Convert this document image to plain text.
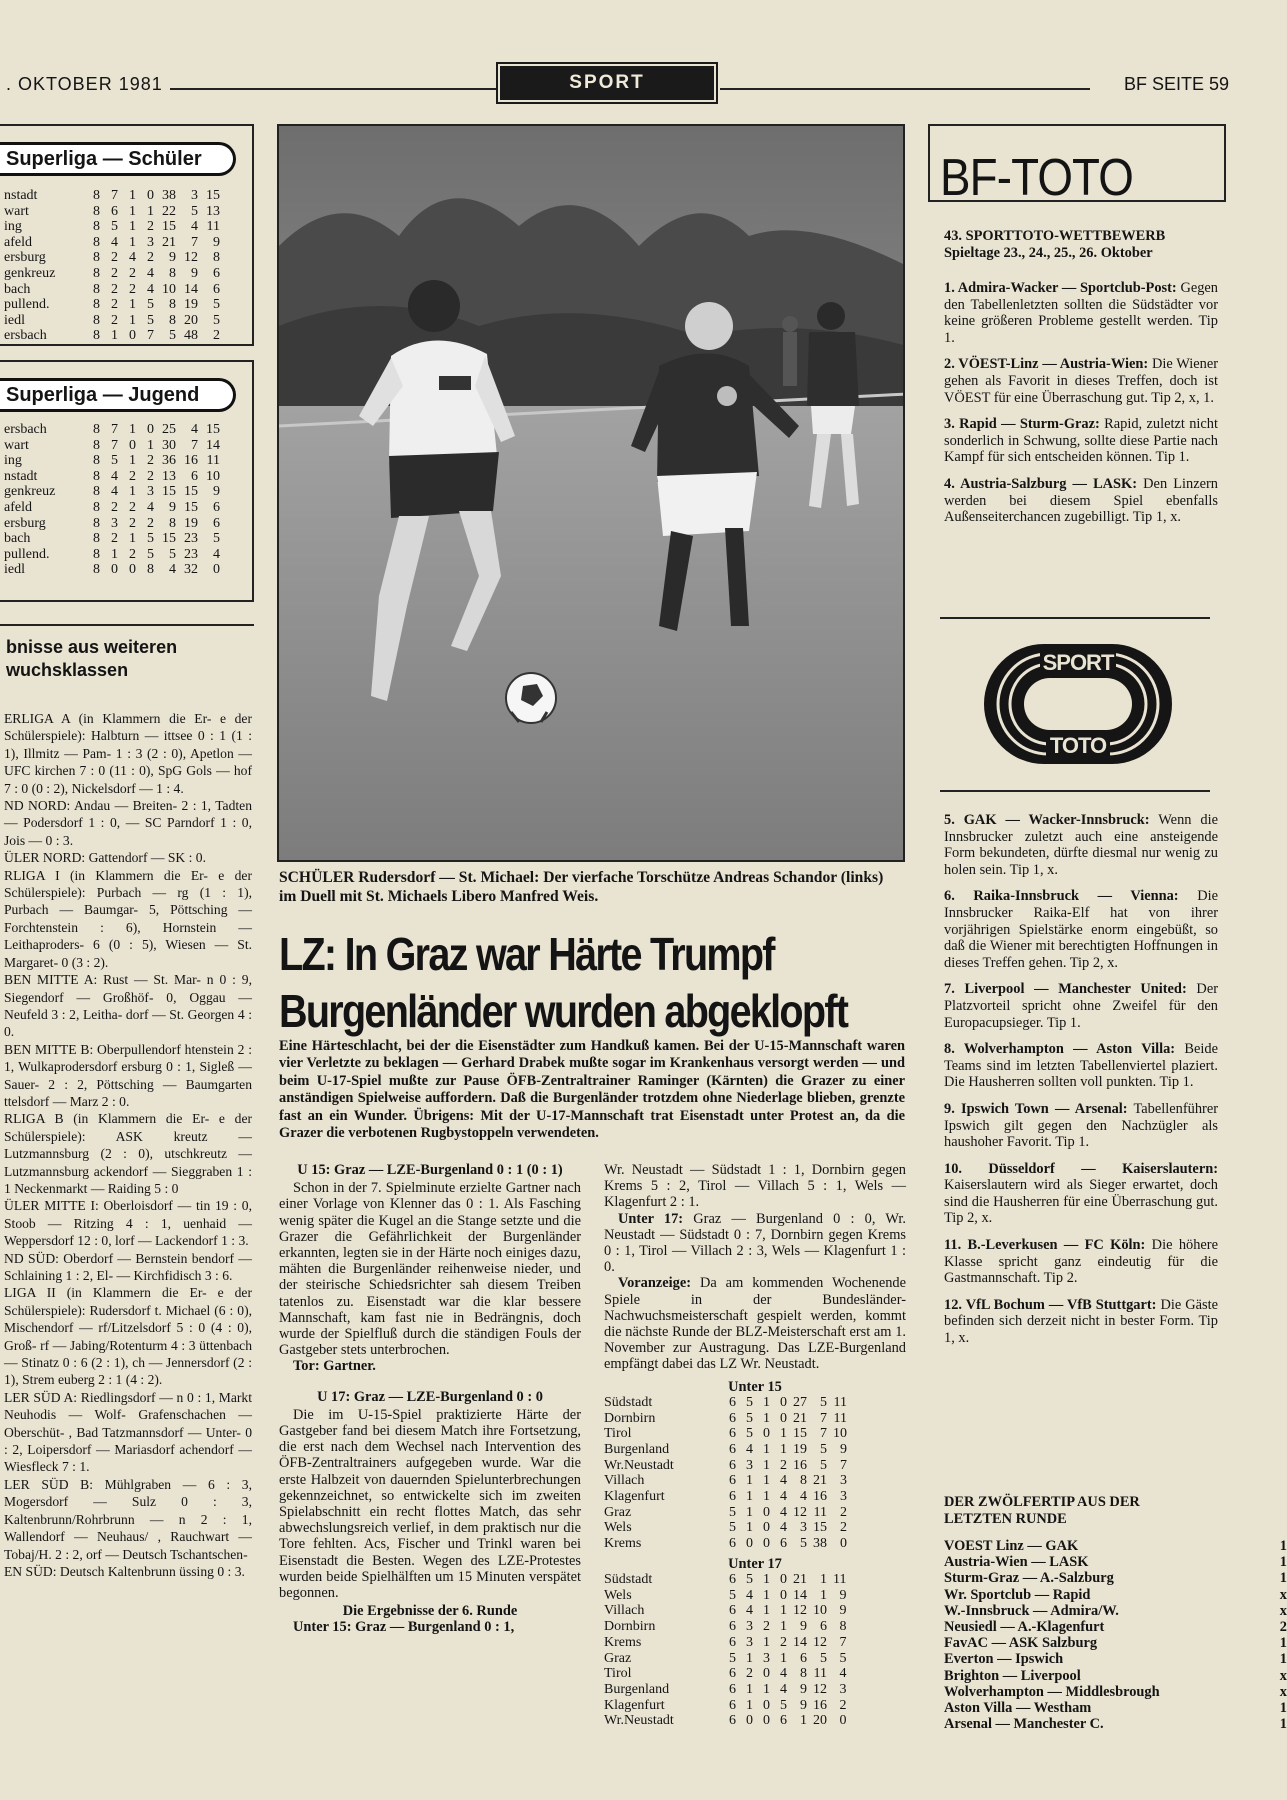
. OKTOBER 1981	SPORT	BF SEITE 59
Superliga — Schüler
nstadt	8	7	1	0	38	3	15
wart	8	6	1	1	22	5	13
ing	8	5	1	2	15	4	11
afeld	8	4	1	3	21	7	9
ersburg	8	2	4	2	9	12	8
genkreuz	8	2	2	4	8	9	6
bach	8	2	2	4	10	14	6
pullend.	8	2	1	5	8	19	5
iedl	8	2	1	5	8	20	5
ersbach	8	1	0	7	5	48	2
Superliga — Jugend
ersbach	8	7	1	0	25	4	15
wart	8	7	0	1	30	7	14
ing	8	5	1	2	36	16	11
nstadt	8	4	2	2	13	6	10
genkreuz	8	4	1	3	15	15	9
afeld	8	2	2	4	9	15	6
ersburg	8	3	2	2	8	19	6
bach	8	2	1	5	15	23	5
pullend.	8	1	2	5	5	23	4
iedl	8	0	0	8	4	32	0
bnisse aus weiteren
wuchsklassen

ERLIGA A (in Klammern die Er- e der Schülerspiele): Halbturn — ittsee 0 : 1 (1 : 1), Illmitz — Pam- 1 : 3 (2 : 0), Apetlon — UFC kirchen 7 : 0 (11 : 0), SpG Gols — hof 7 : 0 (0 : 2), Nickelsdorf — 1 : 4.

ND NORD: Andau — Breiten- 2 : 1, Tadten — Podersdorf 1 : 0, — SC Parndorf 1 : 0, Jois — 0 : 3.

ÜLER NORD: Gattendorf — SK : 0.

RLIGA I (in Klammern die Er- e der Schülerspiele): Purbach — rg (1 : 1), Purbach — Baumgar- 5, Pöttsching — Forchtenstein : 6), Hornstein — Leithaproders- 6 (0 : 5), Wiesen — St. Margaret- 0 (3 : 2).

BEN MITTE A: Rust — St. Mar- n 0 : 9, Siegendorf — Großhöf- 0, Oggau — Neufeld 3 : 2, Leitha- dorf — St. Georgen 4 : 0.

BEN MITTE B: Oberpullendorf htenstein 2 : 1, Wulkaprodersdorf ersburg 0 : 1, Sigleß — Sauer- 2 : 2, Pöttsching — Baumgarten ttelsdorf — Marz 2 : 0.

RLIGA B (in Klammern die Er- e der Schülerspiele): ASK kreutz — Lutzmannsburg (2 : 0), utschkreutz — Lutzmannsburg ackendorf — Sieggraben 1 : 1 Neckenmarkt — Raiding 5 : 0

ÜLER MITTE I: Oberloisdorf — tin 19 : 0, Stoob — Ritzing 4 : 1, uenhaid — Weppersdorf 12 : 0, lorf — Lackendorf 1 : 3.

ND SÜD: Oberdorf — Bernstein bendorf — Schlaining 1 : 2, El- — Kirchfidisch 3 : 6.

LIGA II (in Klammern die Er- e der Schülerspiele): Rudersdorf t. Michael (6 : 0), Mischendorf — rf/Litzelsdorf 5 : 0 (4 : 0), Groß- rf — Jabing/Rotenturm 4 : 3 üttenbach — Stinatz 0 : 6 (2 : 1), ch — Jennersdorf (2 : 1), Strem euberg 2 : 1 (4 : 2).

LER SÜD A: Riedlingsdorf — n 0 : 1, Markt Neuhodis — Wolf- Grafenschachen — Oberschüt- , Bad Tatzmannsdorf — Unter- 0 : 2, Loipersdorf — Mariasdorf achendorf — Wiesfleck 7 : 1.

LER SÜD B: Mühlgraben — 6 : 3, Mogersdorf — Sulz 0 : 3, Kaltenbrunn/Rohrbrunn — n 2 : 1, Wallendorf — Neuhaus/ , Rauchwart — Tobaj/H. 2 : 2, orf — Deutsch Tschantschen-

EN SÜD: Deutsch Kaltenbrunn üssing 0 : 3.

SCHÜLER Rudersdorf — St. Michael: Der vierfache Torschütze Andreas Schandor (links) im Duell mit St. Michaels Libero Manfred Weis.
LZ: In Graz war Härte Trumpf
Burgenländer wurden abgeklopft
Eine Härteschlacht, bei der die Eisenstädter zum Handkuß kamen. Bei der U-15-Mannschaft waren vier Verletzte zu beklagen — Gerhard Drabek mußte sogar im Krankenhaus versorgt werden — und beim U-17-Spiel mußte zur Pause ÖFB-Zentraltrainer Raminger (Kärnten) die Grazer zu einer anständigen Spielweise auffordern. Daß die Burgenländer trotzdem ohne Niederlage blieben, grenzte fast an ein Wunder. Übrigens: Mit der U-17-Mannschaft trat Eisenstadt unter Protest an, da die Grazer die verbotenen Rugbystoppeln verwendeten.

U 15: Graz — LZE-Burgenland 0 : 1 (0 : 1)

Schon in der 7. Spielminute erzielte Gartner nach einer Vorlage von Klenner das 0 : 1. Als Fasching wenig später die Kugel an die Stange setzte und die Grazer die Gefährlichkeit der Burgenländer erkannten, legten sie in der Härte noch einiges dazu, mähten die Burgenländer reihenweise nieder, und der steirische Schiedsrichter sah diesem Treiben tatenlos zu. Eisenstadt war die klar bessere Mannschaft, kam fast nie in Bedrängnis, doch wurde der Spielfluß durch die ständigen Fouls der Gastgeber stets unterbrochen.

Tor: Gartner.

U 17: Graz — LZE-Burgenland 0 : 0

Die im U-15-Spiel praktizierte Härte der Gastgeber fand bei diesem Match ihre Fortsetzung, die erst nach dem Wechsel nach Intervention des ÖFB-Zentraltrainers aufgegeben wurde. War die erste Halbzeit von dauernden Spielunterbrechungen gekennzeichnet, so entwickelte sich im zweiten Spielabschnitt ein recht flottes Match, das sehr abwechslungsreich verlief, in dem praktisch nur die Tore fehlten. Acs, Fischer und Trinkl waren bei Eisenstadt die Besten. Wegen des LZE-Protestes wurden beide Spielhälften um 15 Minuten verspätet begonnen.

Die Ergebnisse der 6. Runde

Unter 15: Graz — Burgenland 0 : 1,

Wr. Neustadt — Südstadt 1 : 1, Dornbirn gegen Krems 5 : 2, Tirol — Villach 5 : 1, Wels — Klagenfurt 2 : 1.

Unter 17: Graz — Burgenland 0 : 0, Wr. Neustadt — Südstadt 0 : 7, Dornbirn gegen Krems 0 : 1, Tirol — Villach 2 : 3, Wels — Klagenfurt 1 : 0.

Voranzeige: Da am kommenden Wochenende Spiele in der Bundesländer-Nachwuchsmeisterschaft gespielt werden, kommt die nächste Runde der BLZ-Meisterschaft erst am 1. November zur Austragung. Das LZE-Burgenland empfängt dabei das LZ Wr. Neustadt.

Unter 15

Südstadt	6	5	1	0	27	5	11
Dornbirn	6	5	1	0	21	7	11
Tirol	6	5	0	1	15	7	10
Burgenland	6	4	1	1	19	5	9
Wr.Neustadt	6	3	1	2	16	5	7
Villach	6	1	1	4	8	21	3
Klagenfurt	6	1	1	4	4	16	3
Graz	5	1	0	4	12	11	2
Wels	5	1	0	4	3	15	2
Krems	6	0	0	6	5	38	0

Unter 17

Südstadt	6	5	1	0	21	1	11
Wels	5	4	1	0	14	1	9
Villach	6	4	1	1	12	10	9
Dornbirn	6	3	2	1	9	6	8
Krems	6	3	1	2	14	12	7
Graz	5	1	3	1	6	5	5
Tirol	6	2	0	4	8	11	4
Burgenland	6	1	1	4	9	12	3
Klagenfurt	6	1	0	5	9	16	2
Wr.Neustadt	6	0	0	6	1	20	0
BF-TOTO
43. SPORTTOTO-WETTBEWERB
Spieltage 23., 24., 25., 26. Oktober

1. Admira-Wacker — Sportclub-Post: Gegen den Tabellenletzten sollten die Südstädter vor keine größeren Probleme gestellt werden. Tip 1.

2. VÖEST-Linz — Austria-Wien: Die Wiener gehen als Favorit in dieses Treffen, doch ist VÖEST für eine Überraschung gut. Tip 2, x, 1.

3. Rapid — Sturm-Graz: Rapid, zuletzt nicht sonderlich in Schwung, sollte diese Partie nach Kampf für sich entscheiden können. Tip 1.

4. Austria-Salzburg — LASK: Den Linzern werden bei diesem Spiel ebenfalls Außenseiterchancen zugebilligt. Tip 1, x.

SPORT
TOTO

5. GAK — Wacker-Innsbruck: Wenn die Innsbrucker zuletzt auch eine ansteigende Form bekundeten, dürfte diesmal nur wenig zu holen sein. Tip 1, x.

6. Raika-Innsbruck — Vienna: Die Innsbrucker Raika-Elf hat von ihrer vorjährigen Spielstärke enorm eingebüßt, so daß die Wiener mit berechtigten Hoffnungen in dieses Treffen gehen. Tip 2, x.

7. Liverpool — Manchester United: Der Platzvorteil spricht ohne Zweifel für den Europacupsieger. Tip 1.

8. Wolverhampton — Aston Villa: Beide Teams sind im letzten Tabellenviertel plaziert. Die Hausherren sollten voll punkten. Tip 1.

9. Ipswich Town — Arsenal: Tabellenführer Ipswich gilt gegen den Nachzügler als haushoher Favorit. Tip 1.

10. Düsseldorf — Kaiserslautern: Kaiserslautern wird als Sieger erwartet, doch sind die Hausherren für eine Überraschung gut. Tip 2, x.

11. B.-Leverkusen — FC Köln: Die höhere Klasse spricht ganz eindeutig für die Gastmannschaft. Tip 2.

12. VfL Bochum — VfB Stuttgart: Die Gäste befinden sich derzeit nicht in bester Form. Tip 1, x.

DER ZWÖLFERTIP AUS DER
LETZTEN RUNDE
VOEST Linz — GAK	1
Austria-Wien — LASK	1
Sturm-Graz — A.-Salzburg	1
Wr. Sportclub — Rapid	x
W.-Innsbruck — Admira/W.	x
Neusiedl — A.-Klagenfurt	2
FavAC — ASK Salzburg	1
Everton — Ipswich	1
Brighton — Liverpool	x
Wolverhampton — Middlesbrough	x
Aston Villa — Westham	1
Arsenal — Manchester C.	1
